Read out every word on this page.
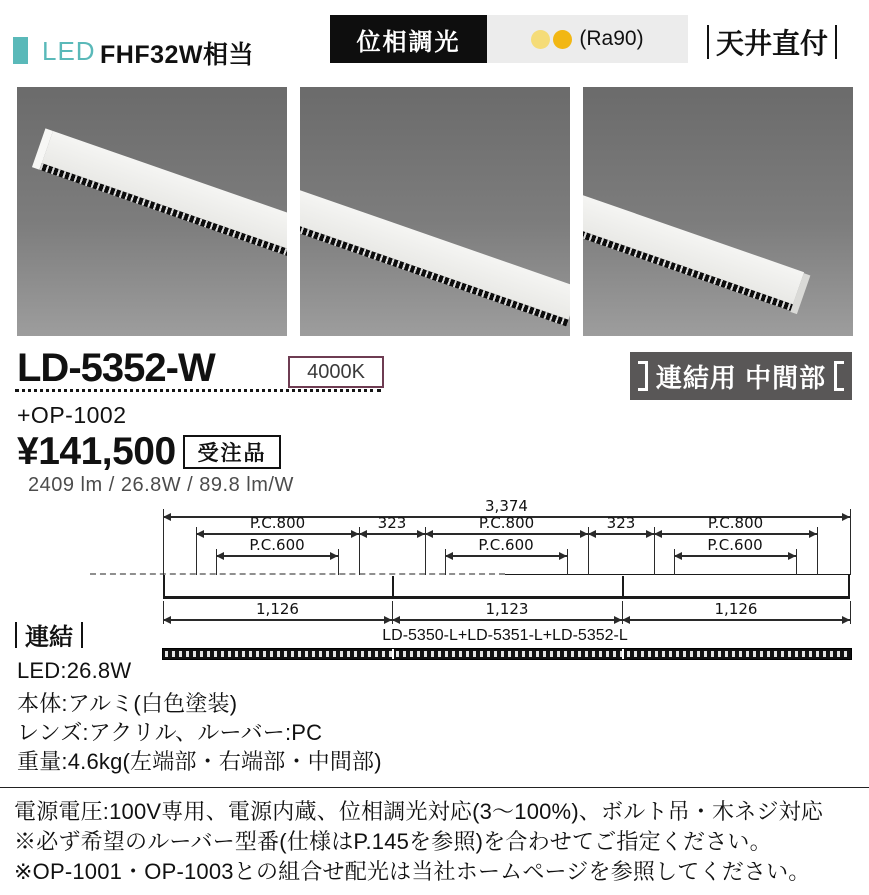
LED FHF32W相当	位相調光	(Ra90)	天井直付
LD-5352-W	4000K	連結用 中間部
+OP-1002
¥141,500	受注品
2409 lm / 26.8W / 89.8 lm/W
LD-5350-L+LD-5351-L+LD-5352-L
3,374
P.C.800	323	P.C.800	323	P.C.800
P.C.600	P.C.600	P.C.600
1,126	1,123	1,126
連結
LED:26.8W
本体:アルミ(白色塗装)
レンズ:アクリル、ルーバー:PC
重量:4.6kg(左端部・右端部・中間部)
電源電圧:100V専用、電源内蔵、位相調光対応(3〜100%)、ボルト吊・木ネジ対応
※必ず希望のルーバー型番(仕様はP.145を参照)を合わせてご指定ください。
※OP-1001・OP-1003との組合せ配光は当社ホームページを参照してください。
